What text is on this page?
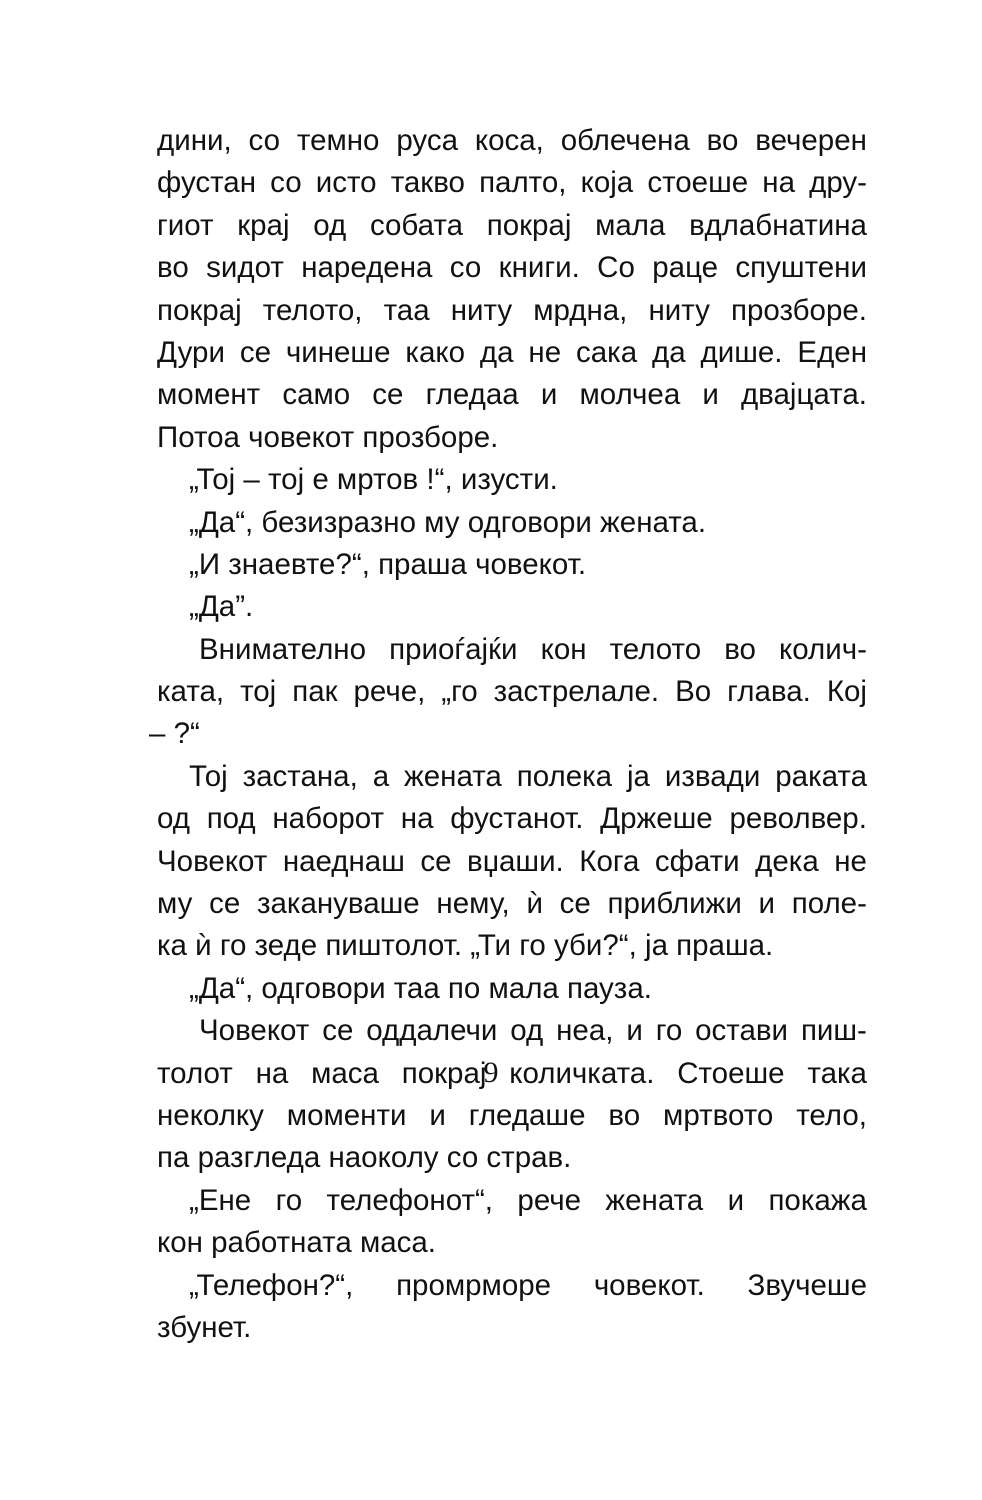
дини, со темно руса коса, облечена во вечерен
фустан со исто такво палто, која стоеше на дру-
гиот крај од собата покрај мала вдлабнатина
во ѕидот наредена со книги. Со раце спуштени
покрај телото, таа ниту мрдна, ниту прозборе.
Дури се чинеше како да не сака да дише. Еден
момент само се гледаа и молчеа и двајцата.
Потоа човекот прозборе.
„Тој – тој е мртов !“, изусти.
„Да“, безизразно му одговори жената.
„И знаевте?“, праша човекот.
„Да”.
Внимателно приоѓајќи кон телото во колич-
ката, тој пак рече, „го застрелале. Во глава. Кој
– ?“
Тој застана, а жената полека ја извади раката
од под наборот на фустанот. Држеше револвер.
Човекот наеднаш се вџаши. Кога сфати дека не
му се закануваше нему, ѝ се приближи и поле-
ка ѝ го зеде пиштолот. „Ти го уби?“, ја праша.
„Да“, одговори таа по мала пауза.
Човекот се оддалечи од неа, и го остави пиш-
толот на маса покрај количката. Стоеше така
неколку моменти и гледаше во мртвото тело,
па разгледа наоколу со страв.
„Ене го телефонот“, рече жената и покажа
кон работната маса.
„Телефон?“, промрморе човекот. Звучеше
збунет.
9
